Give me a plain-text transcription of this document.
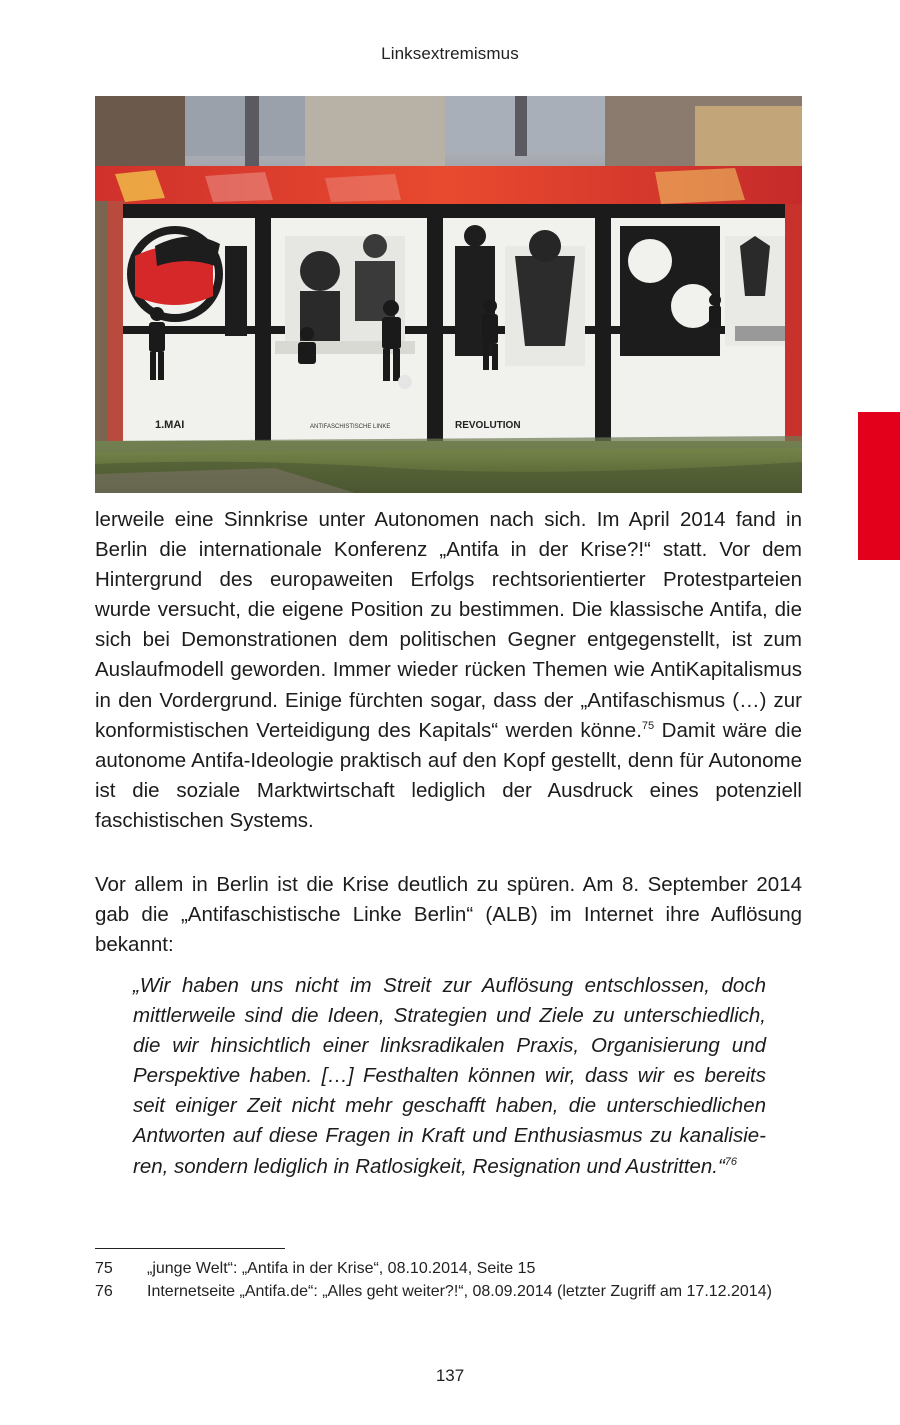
Linksextremismus
1.MAI	REVOLUTION
ANTIFASCHISTISCHE LINKE

lerweile eine Sinnkrise unter Autonomen nach sich. Im April 2014 fand in Berlin die internationale Konferenz „Antifa in der Krise?!“ statt. Vor dem Hintergrund des europaweiten Erfolgs rechtsorientierter Protestparteien wurde versucht, die eigene Position zu bestimmen. Die klassische Antifa, die sich bei Demonstrationen dem politischen Gegner entgegenstellt, ist zum Auslaufmodell geworden. Immer wieder rücken Themen wie AntiKapitalismus in den Vordergrund. Einige fürchten sogar, dass der „Antifaschismus (…) zur konformistischen Verteidigung des Kapitals“ werden könne.$^{75}$ Damit wäre die autonome Antifa-Ideologie praktisch auf den Kopf gestellt, denn für Autonome ist die soziale Marktwirtschaft lediglich der Ausdruck eines potenziell faschistischen Systems.

Vor allem in Berlin ist die Krise deutlich zu spüren. Am 8. September 2014 gab die „Antifaschistische Linke Berlin“ (ALB) im Internet ihre Auflösung bekannt:

„Wir haben uns nicht im Streit zur Auflösung entschlossen, doch mittlerweile sind die Ideen, Strategien und Ziele zu unterschiedlich, die wir hinsichtlich einer linksradikalen Praxis, Organisierung und Perspektive haben. […] Festhalten können wir, dass wir es bereits seit einiger Zeit nicht mehr geschafft haben, die unterschiedlichen Antworten auf diese Fragen in Kraft und Enthusiasmus zu kanalisieren, sondern lediglich in Ratlosigkeit, Resignation und Austritten.“$^{76}$

75	„junge Welt“: „Antifa in der Krise“, 08.10.2014, Seite 15
76	Internetseite „Antifa.de“: „Alles geht weiter?!“, 08.09.2014 (letzter Zugriff am 17.12.2014)
137
